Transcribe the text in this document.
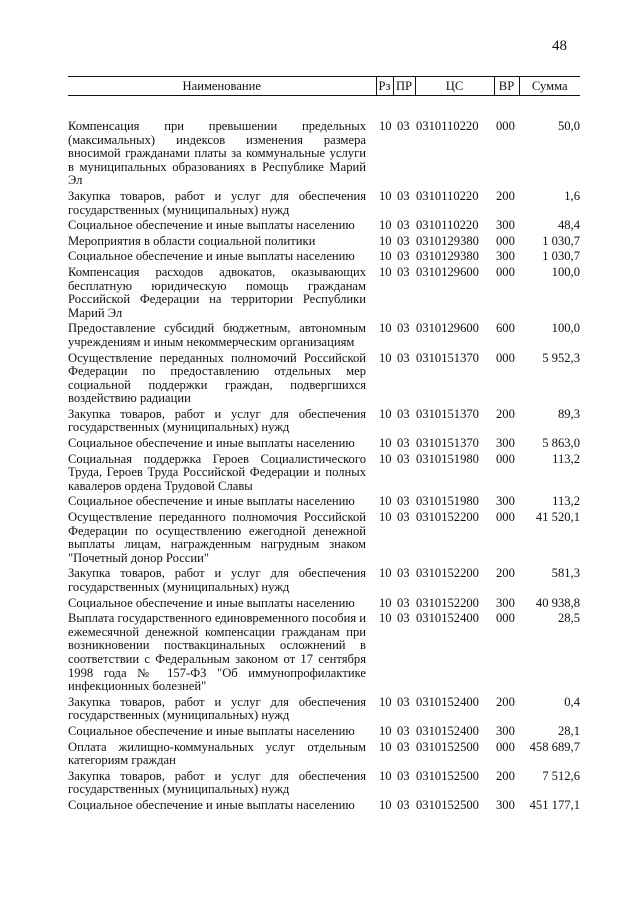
48
Наименование	Рз	ПР	ЦС	ВР	Сумма
Компенсация при превышении предельных (максимальных) индексов изменения размера вносимой гражданами платы за коммунальные услуги в муниципальных образованиях в Республике Марий Эл	10	03	0310110220	000	50,0
Закупка товаров, работ и услуг для обеспечения государственных (муниципальных) нужд	10	03	0310110220	200	1,6
Социальное обеспечение и иные выплаты населению	10	03	0310110220	300	48,4
Мероприятия в области социальной политики	10	03	0310129380	000	1 030,7
Социальное обеспечение и иные выплаты населению	10	03	0310129380	300	1 030,7
Компенсация расходов адвокатов, оказывающих бесплатную юридическую помощь гражданам Российской Федерации на территории Республики Марий Эл	10	03	0310129600	000	100,0
Предоставление субсидий бюджетным, автономным учреждениям и иным некоммерческим организациям	10	03	0310129600	600	100,0
Осуществление переданных полномочий Российской Федерации по предоставлению отдельных мер социальной поддержки граждан, подвергшихся воздействию радиации	10	03	0310151370	000	5 952,3
Закупка товаров, работ и услуг для обеспечения государственных (муниципальных) нужд	10	03	0310151370	200	89,3
Социальное обеспечение и иные выплаты населению	10	03	0310151370	300	5 863,0
Социальная поддержка Героев Социалистического Труда, Героев Труда Российской Федерации и полных кавалеров ордена Трудовой Славы	10	03	0310151980	000	113,2
Социальное обеспечение и иные выплаты населению	10	03	0310151980	300	113,2
Осуществление переданного полномочия Российской Федерации по осуществлению ежегодной денежной выплаты лицам, награжденным нагрудным знаком "Почетный донор России"	10	03	0310152200	000	41 520,1
Закупка товаров, работ и услуг для обеспечения государственных (муниципальных) нужд	10	03	0310152200	200	581,3
Социальное обеспечение и иные выплаты населению	10	03	0310152200	300	40 938,8
Выплата государственного единовременного пособия и ежемесячной денежной компенсации гражданам при возникновении поствакцинальных осложнений в соответствии с Федеральным законом от 17 сентября 1998 года № 157-ФЗ "Об иммунопрофилактике инфекционных болезней"	10	03	0310152400	000	28,5
Закупка товаров, работ и услуг для обеспечения государственных (муниципальных) нужд	10	03	0310152400	200	0,4
Социальное обеспечение и иные выплаты населению	10	03	0310152400	300	28,1
Оплата жилищно-коммунальных услуг отдельным категориям граждан	10	03	0310152500	000	458 689,7
Закупка товаров, работ и услуг для обеспечения государственных (муниципальных) нужд	10	03	0310152500	200	7 512,6
Социальное обеспечение и иные выплаты населению	10	03	0310152500	300	451 177,1
